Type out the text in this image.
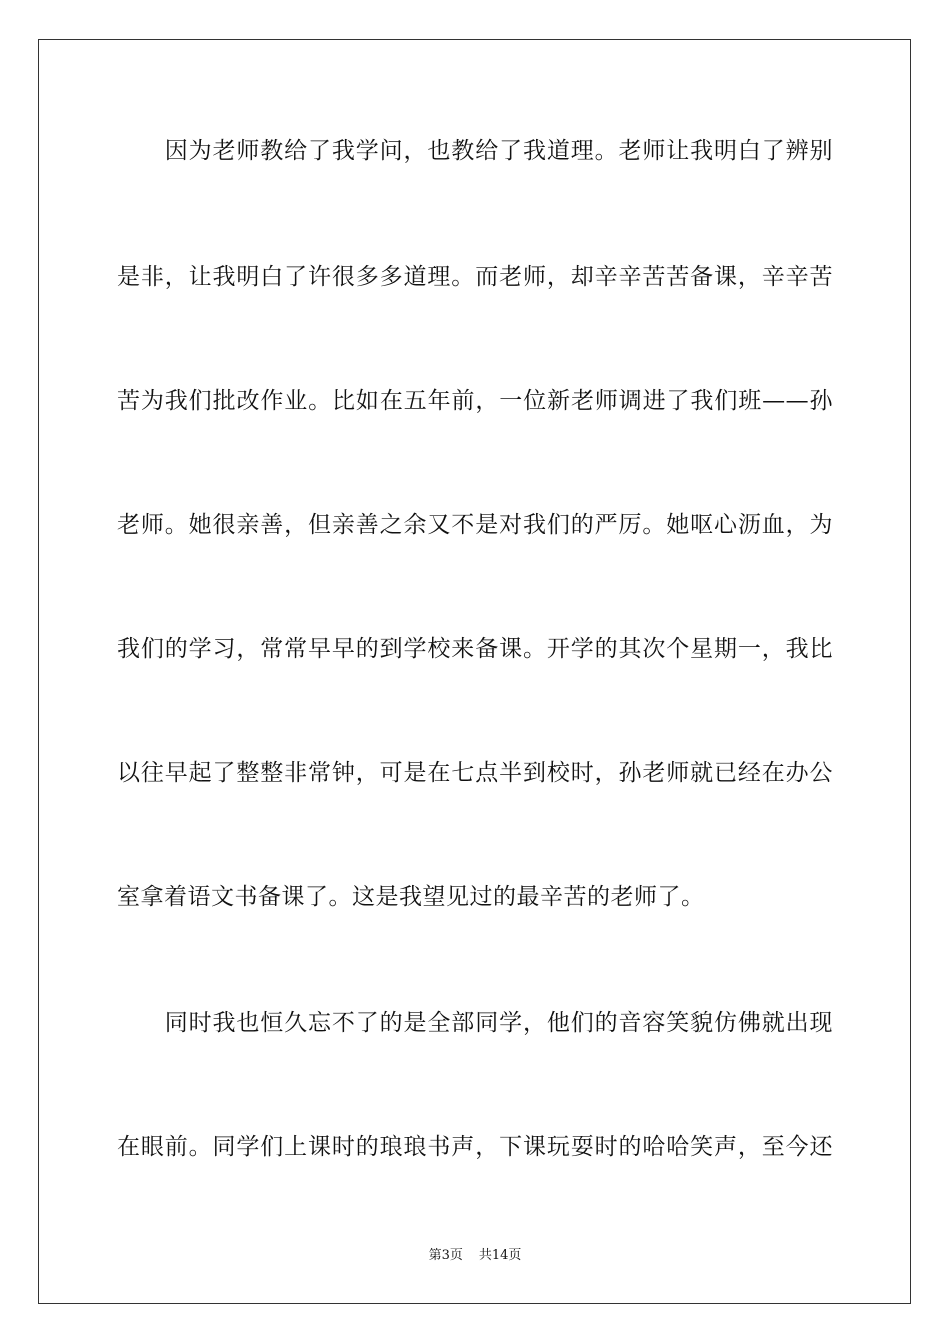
　　因为老师教给了我学问，也教给了我道理。老师让我明白了辨别
是非，让我明白了许很多多道理。而老师，却辛辛苦苦备课，辛辛苦
苦为我们批改作业。比如在五年前，一位新老师调进了我们班——孙
老师。她很亲善，但亲善之余又不是对我们的严厉。她呕心沥血，为
我们的学习，常常早早的到学校来备课。开学的其次个星期一，我比
以往早起了整整非常钟，可是在七点半到校时，孙老师就已经在办公
室拿着语文书备课了。这是我望见过的最辛苦的老师了。
　　同时我也恒久忘不了的是全部同学，他们的音容笑貌仿佛就出现
在眼前。同学们上课时的琅琅书声，下课玩耍时的哈哈笑声，至今还
第3页 共14页
